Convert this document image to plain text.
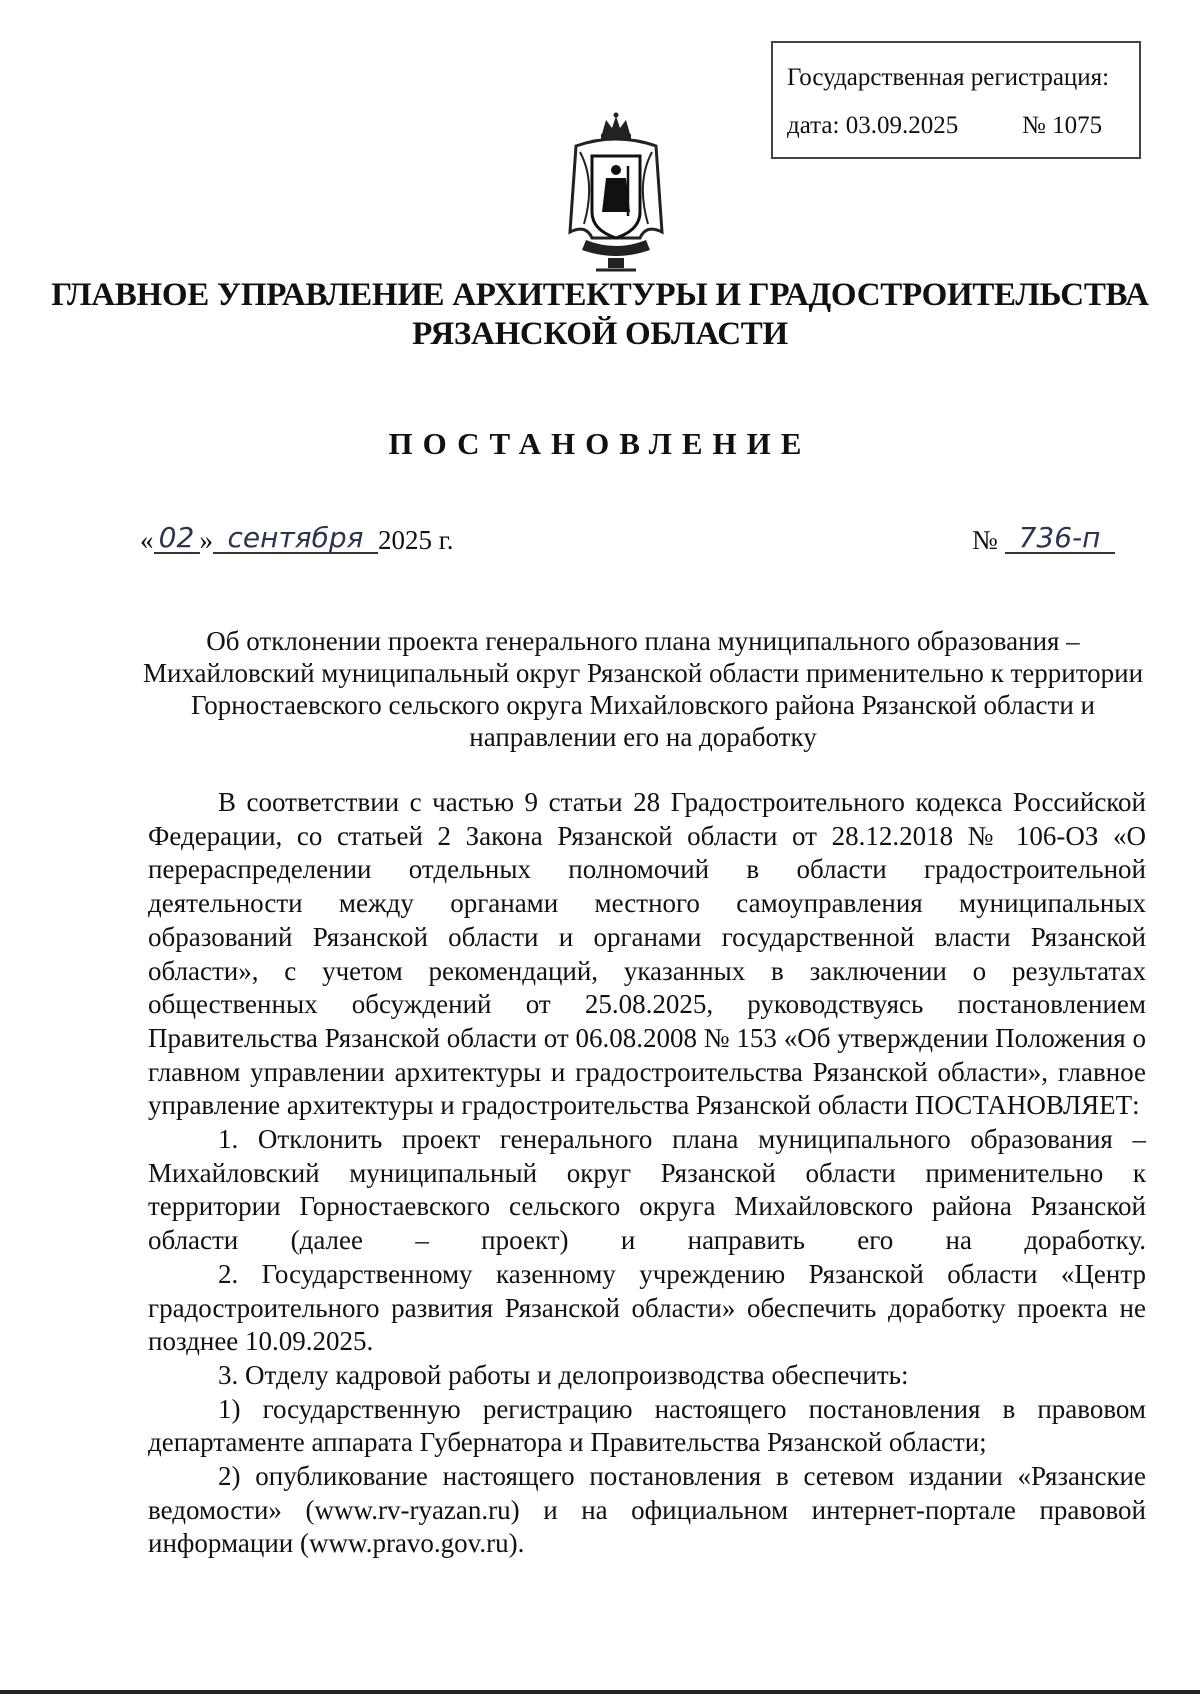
Государственная регистрация:
дата: 03.09.2025	№ 1075
ГЛАВНОЕ УПРАВЛЕНИЕ АРХИТЕКТУРЫ И ГРАДОСТРОИТЕЛЬСТВА
РЯЗАНСКОЙ ОБЛАСТИ
ПОСТАНОВЛЕНИЕ
« 02 » сентября 2025 г.	№ 736-п
Об отклонении проекта генерального плана муниципального образования – Михайловский муниципальный округ Рязанской области применительно к территории Горностаевского сельского округа Михайловского района Рязанской области и направлении его на доработку

В соответствии с частью 9 статьи 28 Градостроительного кодекса Российской Федерации, со статьей 2 Закона Рязанской области от 28.12.2018 № 106-ОЗ «О перераспределении отдельных полномочий в области градостроительной деятельности между органами местного самоуправления муниципальных образований Рязанской области и органами государственной власти Рязанской области», с учетом рекомендаций, указанных в заключении о результатах общественных обсуждений от 25.08.2025, руководствуясь постановлением Правительства Рязанской области от 06.08.2008 № 153 «Об утверждении Положения о главном управлении архитектуры и градостроительства Рязанской области», главное управление архитектуры и градостроительства Рязанской области ПОСТАНОВЛЯЕТ:

1. Отклонить проект генерального плана муниципального образования – Михайловский муниципальный округ Рязанской области применительно к территории Горностаевского сельского округа Михайловского района Рязанской области (далее – проект) и направить его на доработку.

2. Государственному казенному учреждению Рязанской области «Центр градостроительного развития Рязанской области» обеспечить доработку проекта не позднее 10.09.2025.

3. Отделу кадровой работы и делопроизводства обеспечить:

1) государственную регистрацию настоящего постановления в правовом департаменте аппарата Губернатора и Правительства Рязанской области;

2) опубликование настоящего постановления в сетевом издании «Рязанские ведомости» (www.rv-ryazan.ru) и на официальном интернет-портале правовой информации (www.pravo.gov.ru).
